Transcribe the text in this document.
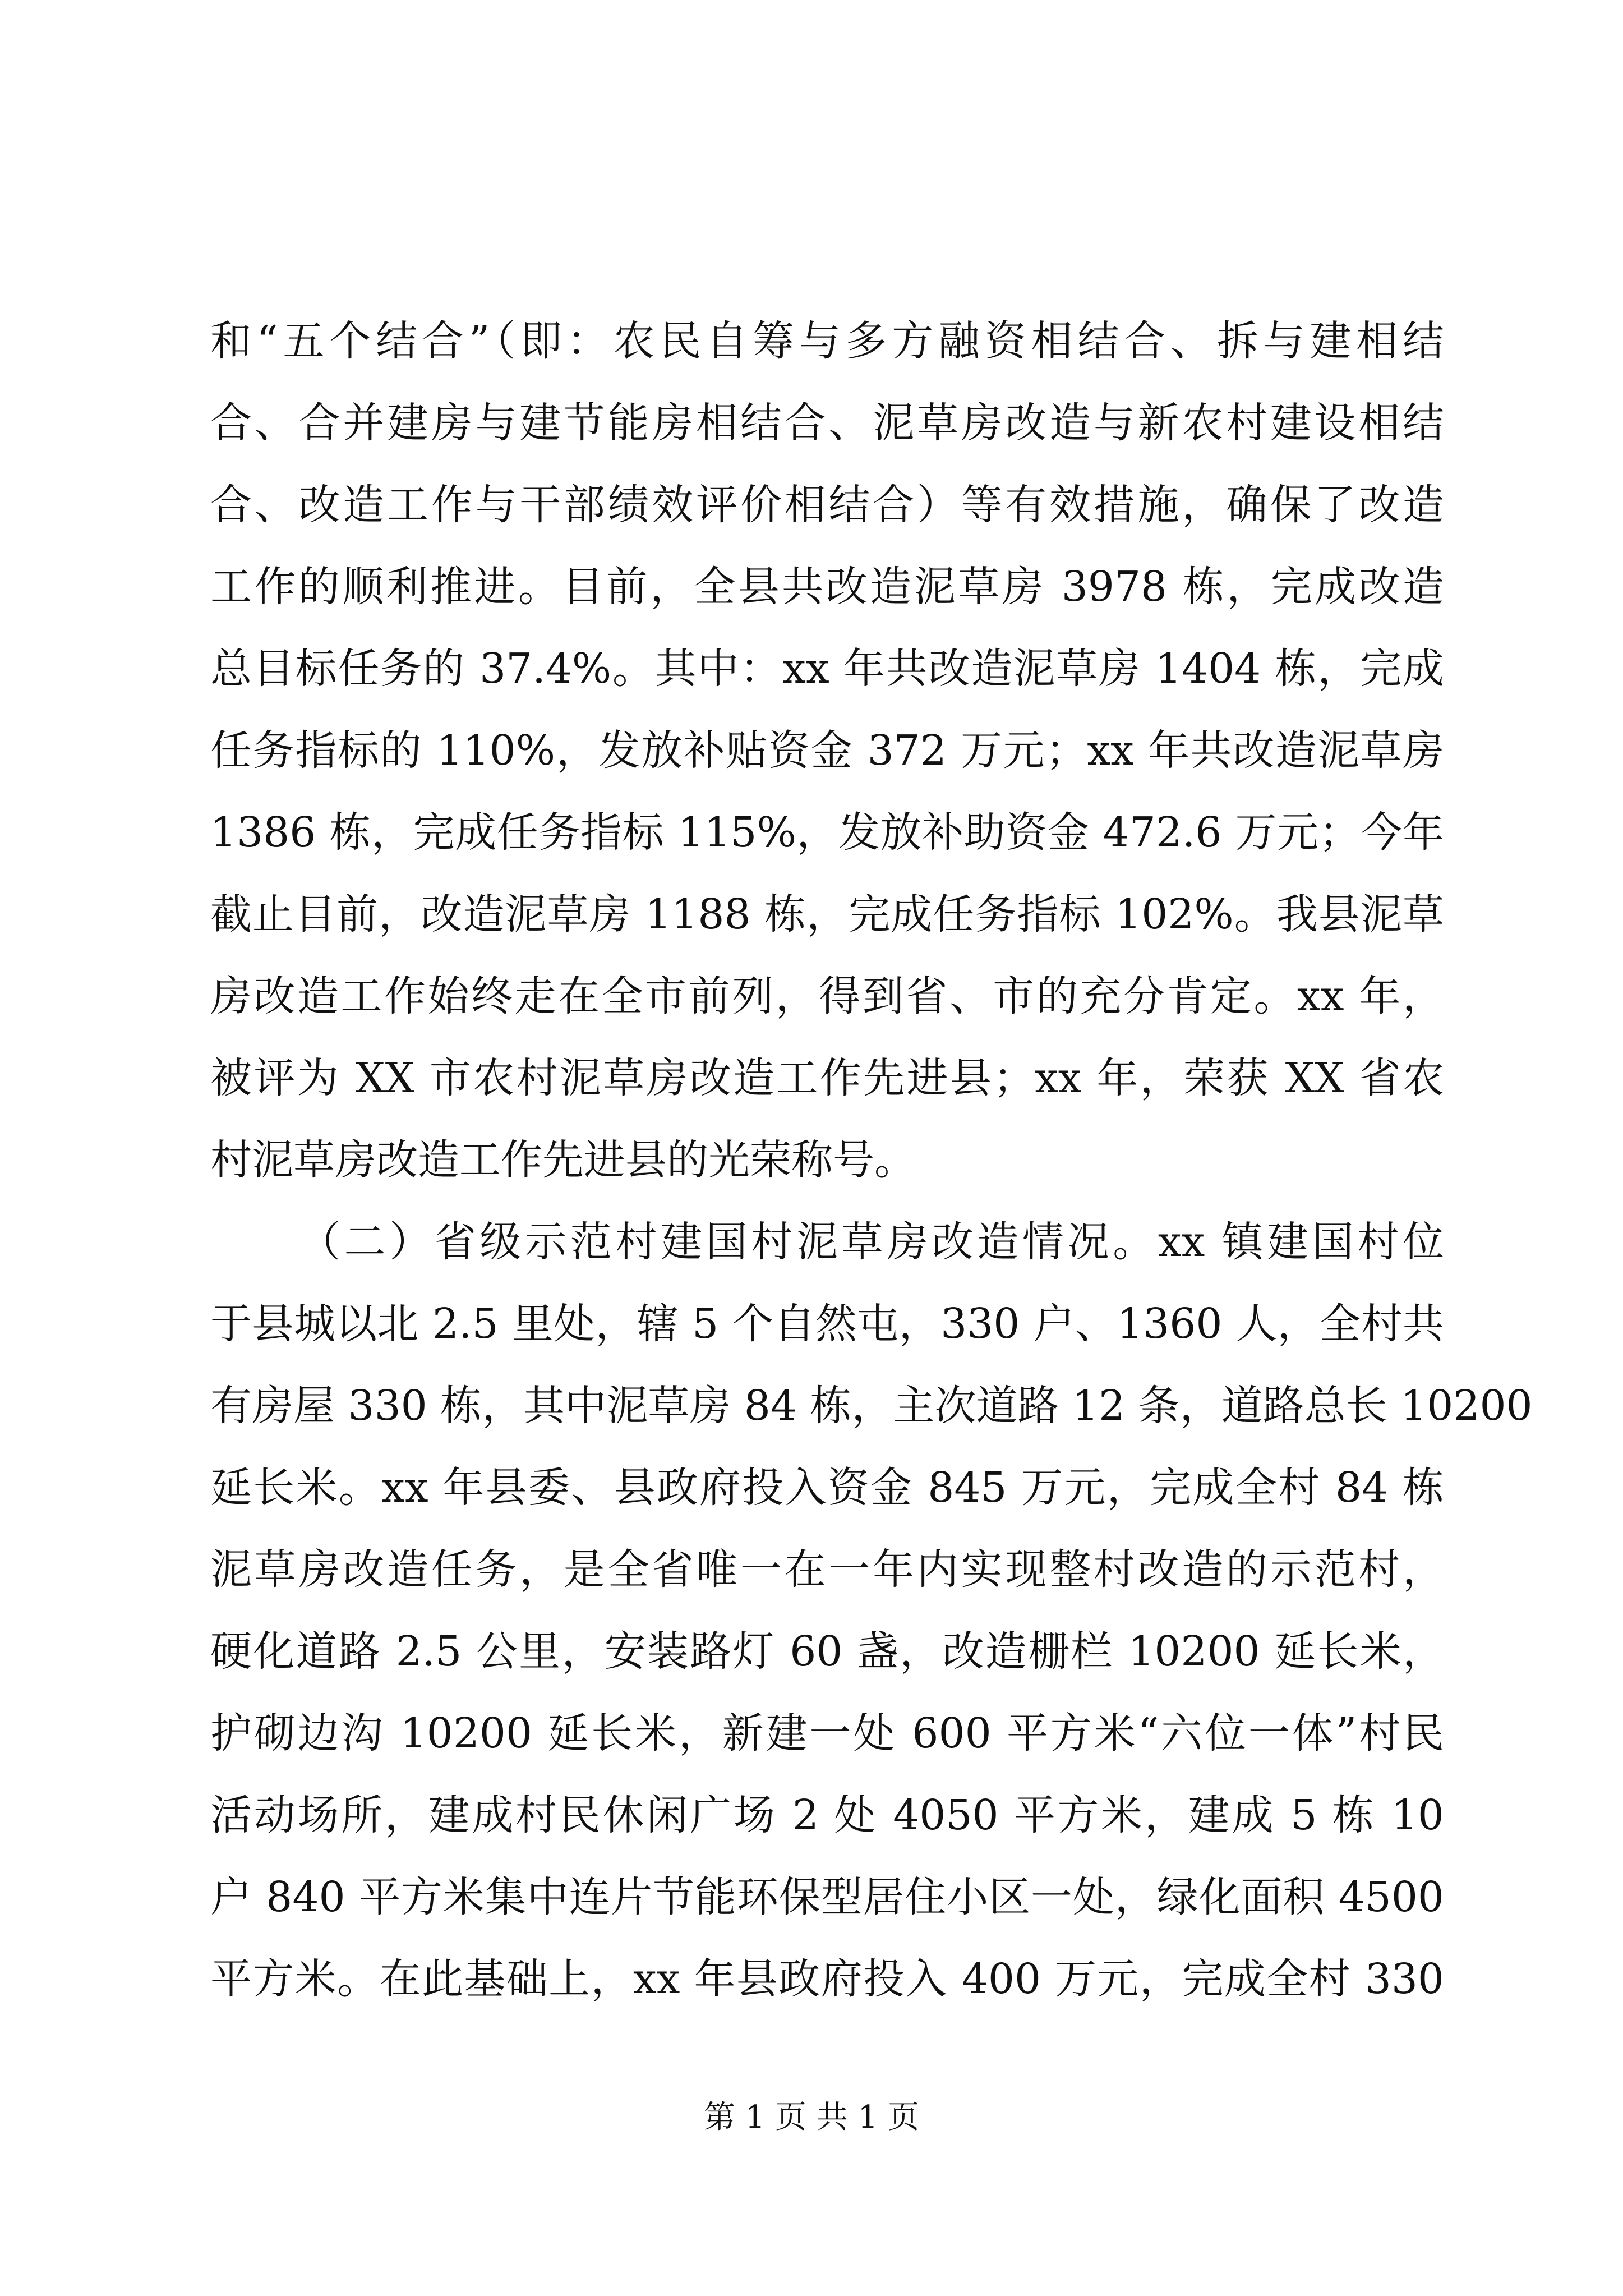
和“五个结合”（即：农民自筹与多方融资相结合、拆与建相结
合、合并建房与建节能房相结合、泥草房改造与新农村建设相结
合、改造工作与干部绩效评价相结合）等有效措施，确保了改造
工作的顺利推进。目前，全县共改造泥草房 3978 栋，完成改造
总目标任务的 37.4%。其中：xx 年共改造泥草房 1404 栋，完成
任务指标的 110%，发放补贴资金 372 万元；xx 年共改造泥草房
1386 栋，完成任务指标 115%，发放补助资金 472.6 万元；今年
截止目前，改造泥草房 1188 栋，完成任务指标 102%。我县泥草
房改造工作始终走在全市前列，得到省、市的充分肯定。xx 年，
被评为 XX 市农村泥草房改造工作先进县；xx 年，荣获 XX 省农
村泥草房改造工作先进县的光荣称号。
（二）省级示范村建国村泥草房改造情况。xx 镇建国村位
于县城以北 2.5 里处，辖 5 个自然屯，330 户、1360 人，全村共
有房屋 330 栋，其中泥草房 84 栋，主次道路 12 条，道路总长 10200
延长米。xx 年县委、县政府投入资金 845 万元，完成全村 84 栋
泥草房改造任务，是全省唯一在一年内实现整村改造的示范村，
硬化道路 2.5 公里，安装路灯 60 盏，改造栅栏 10200 延长米，
护砌边沟 10200 延长米，新建一处 600 平方米“六位一体”村民
活动场所，建成村民休闲广场 2 处 4050 平方米，建成 5 栋 10
户 840 平方米集中连片节能环保型居住小区一处，绿化面积 4500
平方米。在此基础上，xx 年县政府投入 400 万元，完成全村 330
第 1 页 共 1 页
